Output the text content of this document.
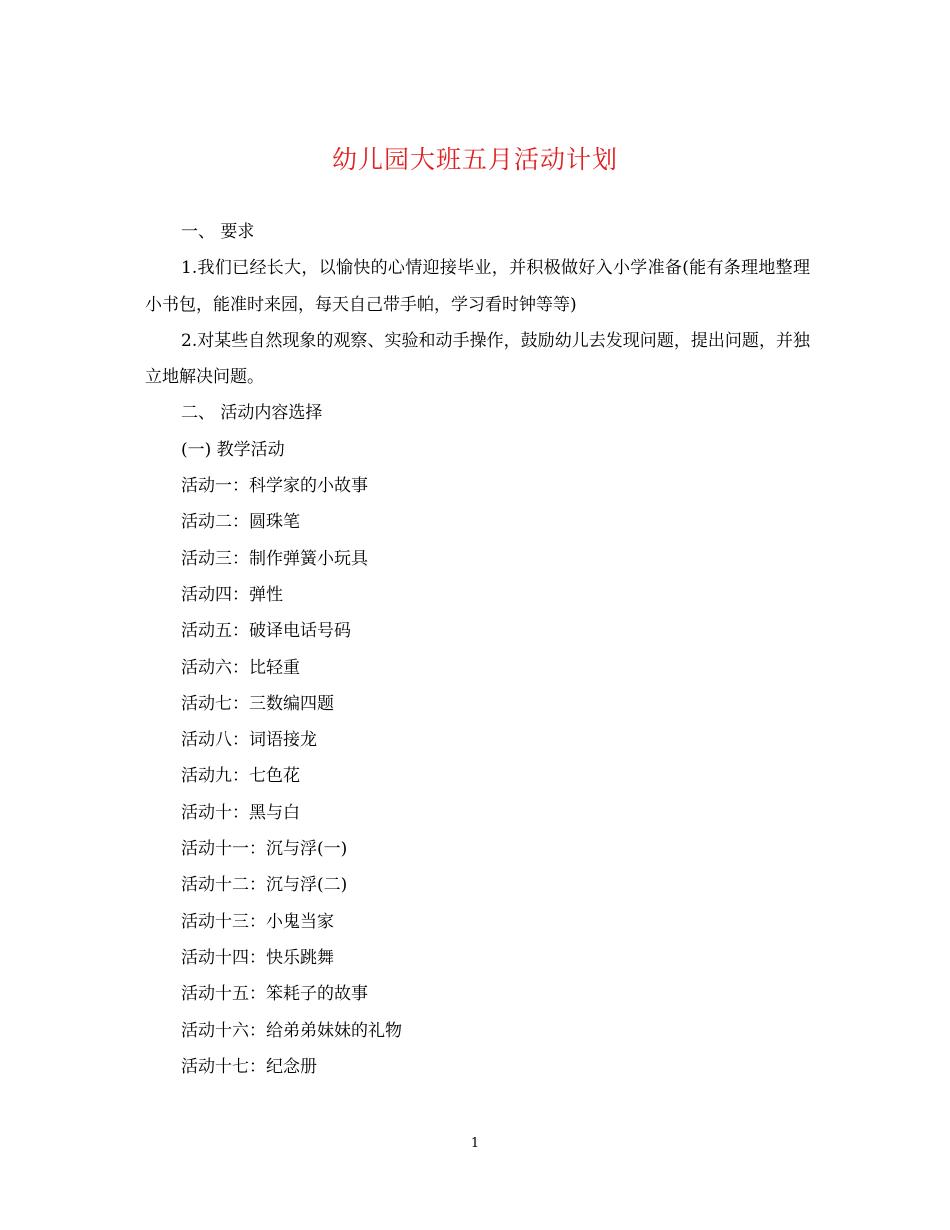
幼儿园大班五月活动计划

一、 要求

1.我们已经长大，以愉快的心情迎接毕业，并积极做好入小学准备(能有条理地整理小书包，能准时来园，每天自己带手帕，学习看时钟等等)

2.对某些自然现象的观察、实验和动手操作，鼓励幼儿去发现问题，提出问题，并独立地解决问题。

二、 活动内容选择

(一) 教学活动

活动一：科学家的小故事

活动二：圆珠笔

活动三：制作弹簧小玩具

活动四：弹性

活动五：破译电话号码

活动六：比轻重

活动七：三数编四题

活动八：词语接龙

活动九：七色花

活动十：黑与白

活动十一：沉与浮(一)

活动十二：沉与浮(二)

活动十三：小鬼当家

活动十四：快乐跳舞

活动十五：笨耗子的故事

活动十六：给弟弟妹妹的礼物

活动十七：纪念册

1
